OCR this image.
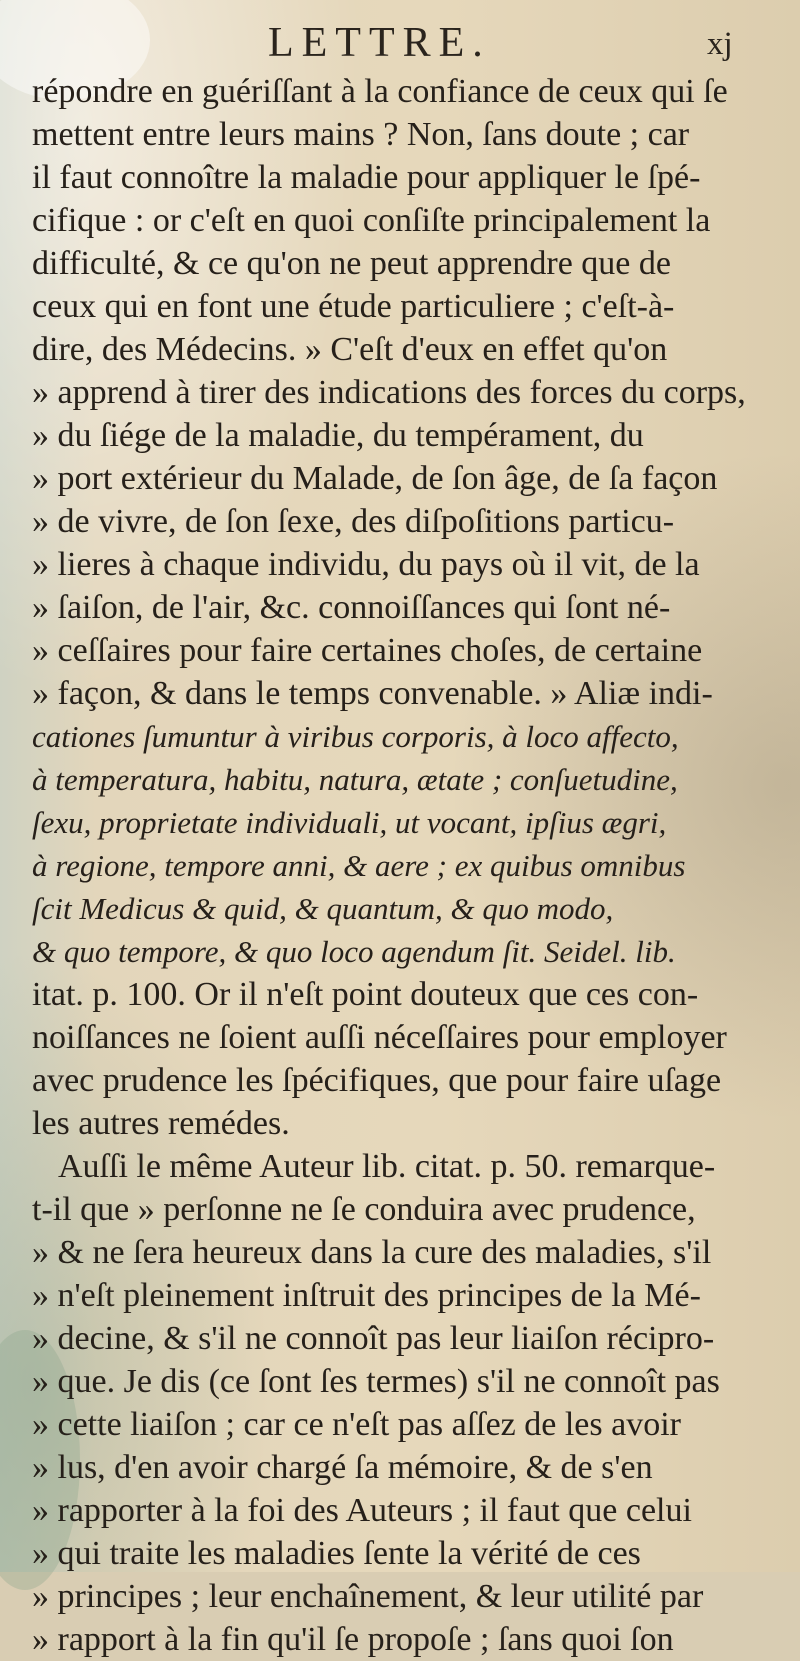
LETTRE.	xj
répondre en guériſſant à la confiance de ceux qui ſe
mettent entre leurs mains ? Non, ſans doute ; car
il faut connoître la maladie pour appliquer le ſpé-
cifique : or c'eſt en quoi conſiſte principalement la
difficulté, & ce qu'on ne peut apprendre que de
ceux qui en font une étude particuliere ; c'eſt-à-
dire, des Médecins. » C'eſt d'eux en effet qu'on
» apprend à tirer des indications des forces du corps,
» du ſiége de la maladie, du tempérament, du
» port extérieur du Malade, de ſon âge, de ſa façon
» de vivre, de ſon ſexe, des diſpoſitions particu-
» lieres à chaque individu, du pays où il vit, de la
» ſaiſon, de l'air, &c. connoiſſances qui ſont né-
» ceſſaires pour faire certaines choſes, de certaine
» façon, & dans le temps convenable. » Aliæ indi-
cationes ſumuntur à viribus corporis, à loco affecto,
à temperatura, habitu, natura, ætate ; conſuetudine,
ſexu, proprietate individuali, ut vocant, ipſius ægri,
à regione, tempore anni, & aere ; ex quibus omnibus
ſcit Medicus & quid, & quantum, & quo modo,
& quo tempore, & quo loco agendum ſit. Seidel. lib.
itat. p. 100. Or il n'eſt point douteux que ces con-
noiſſances ne ſoient auſſi néceſſaires pour employer
avec prudence les ſpécifiques, que pour faire uſage
les autres remédes.
Auſſi le même Auteur lib. citat. p. 50. remarque-
t-il que » perſonne ne ſe conduira avec prudence,
» & ne ſera heureux dans la cure des maladies, s'il
» n'eſt pleinement inſtruit des principes de la Mé-
» decine, & s'il ne connoît pas leur liaiſon récipro-
» que. Je dis (ce ſont ſes termes) s'il ne connoît pas
» cette liaiſon ; car ce n'eſt pas aſſez de les avoir
» lus, d'en avoir chargé ſa mémoire, & de s'en
» rapporter à la foi des Auteurs ; il faut que celui
» qui traite les maladies ſente la vérité de ces
» principes ; leur enchaînement, & leur utilité par
» rapport à la fin qu'il ſe propoſe ; ſans quoi ſon
